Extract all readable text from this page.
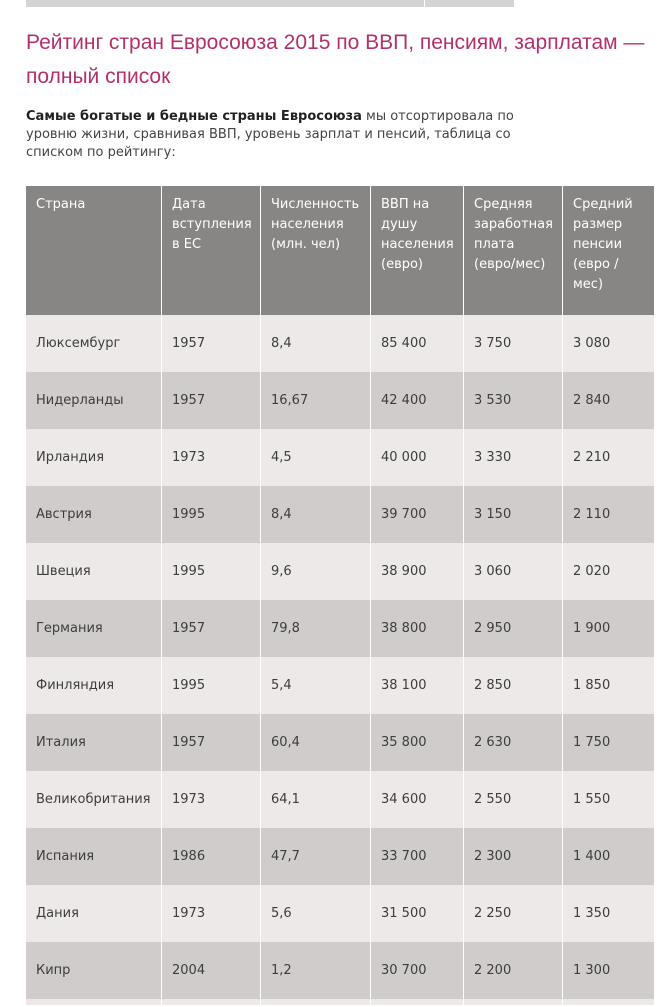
Рейтинг стран Евросоюза 2015 по ВВП, пенсиям, зарплатам — полный список

Самые богатые и бедные страны Евросоюза мы отсортировала по уровню жизни, сравнивая ВВП, уровень зарплат и пенсий, таблица со списком по рейтингу:

Страна	Дата вступления в ЕС	Численность населения (млн. чел)	ВВП на душу населения (евро)	Средняя заработная плата (евро/мес)	Средний размер пенсии (евро / мес)
Люксембург	1957	8,4	85 400	3 750	3 080
Нидерланды	1957	16,67	42 400	3 530	2 840
Ирландия	1973	4,5	40 000	3 330	2 210
Австрия	1995	8,4	39 700	3 150	2 110
Швеция	1995	9,6	38 900	3 060	2 020
Германия	1957	79,8	38 800	2 950	1 900
Финляндия	1995	5,4	38 100	2 850	1 850
Италия	1957	60,4	35 800	2 630	1 750
Великобритания	1973	64,1	34 600	2 550	1 550
Испания	1986	47,7	33 700	2 300	1 400
Дания	1973	5,6	31 500	2 250	1 350
Кипр	2004	1,2	30 700	2 200	1 300
